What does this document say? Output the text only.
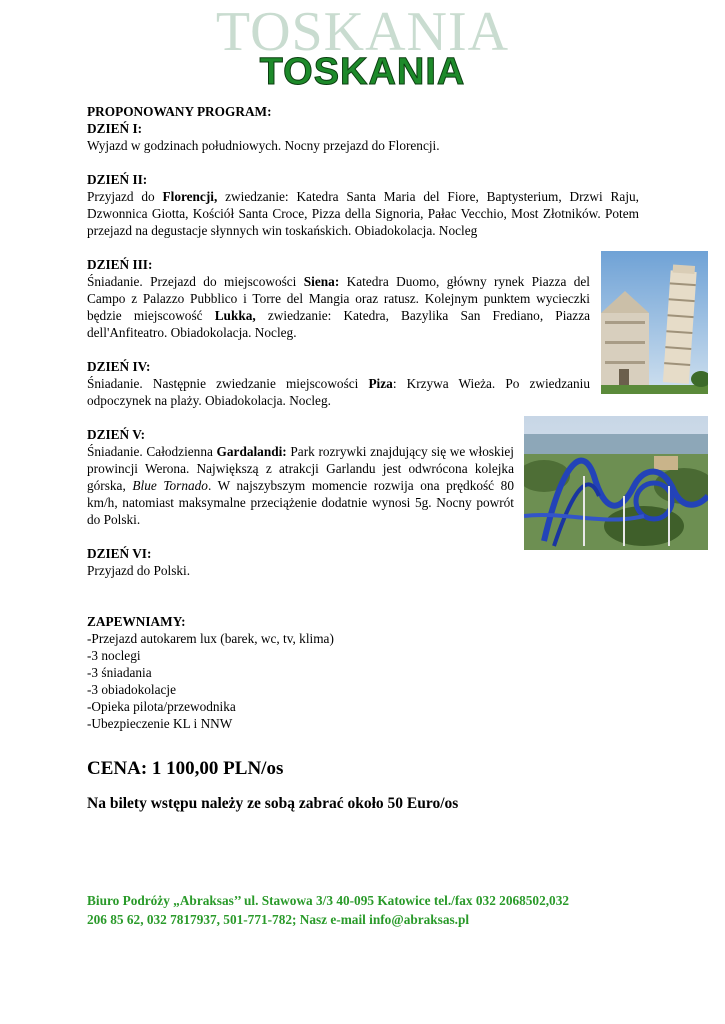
TOSKANIA
TOSKANIA

PROPONOWANY PROGRAM:

DZIEŃ I:

Wyjazd w godzinach południowych. Nocny przejazd do Florencji.

DZIEŃ II:

Przyjazd do Florencji, zwiedzanie: Katedra Santa Maria del Fiore, Baptysterium, Drzwi Raju, Dzwonnica Giotta, Kościół Santa Croce, Pizza della Signoria, Pałac Vecchio, Most Złotników. Potem przejazd na degustacje słynnych win toskańskich. Obiadokolacja. Nocleg

DZIEŃ III:

Śniadanie. Przejazd do miejscowości Siena: Katedra Duomo, główny rynek Piazza del Campo z Palazzo Pubblico i Torre del Mangia oraz ratusz. Kolejnym punktem wycieczki będzie miejscowość Lukka, zwiedzanie: Katedra, Bazylika San Frediano, Piazza dell'Anfiteatro. Obiadokolacja. Nocleg.

DZIEŃ IV:

Śniadanie. Następnie zwiedzanie miejscowości Piza: Krzywa Wieża. Po zwiedzaniu odpoczynek na plaży. Obiadokolacja. Nocleg.

DZIEŃ V:

Śniadanie. Całodzienna Gardalandi: Park rozrywki znajdujący się we włoskiej prowincji Werona. Największą z atrakcji Garlandu jest odwrócona kolejka górska, Blue Tornado. W najszybszym momencie rozwija ona prędkość 80 km/h, natomiast maksymalne przeciążenie dodatnie wynosi 5g. Nocny powrót do Polski.

DZIEŃ VI:

Przyjazd do Polski.

ZAPEWNIAMY:

-Przejazd autokarem lux (barek, wc, tv, klima)
-3 noclegi
-3 śniadania
-3 obiadokolacje
-Opieka pilota/przewodnika
-Ubezpieczenie KL i NNW
CENA: 1 100,00 PLN/os
Na bilety wstępu należy ze sobą zabrać około 50 Euro/os
Biuro Podróży „Abraksas’’ ul. Stawowa 3/3 40-095 Katowice tel./fax 032 2068502,032
206 85 62, 032 7817937, 501-771-782; Nasz e-mail info@abraksas.pl
